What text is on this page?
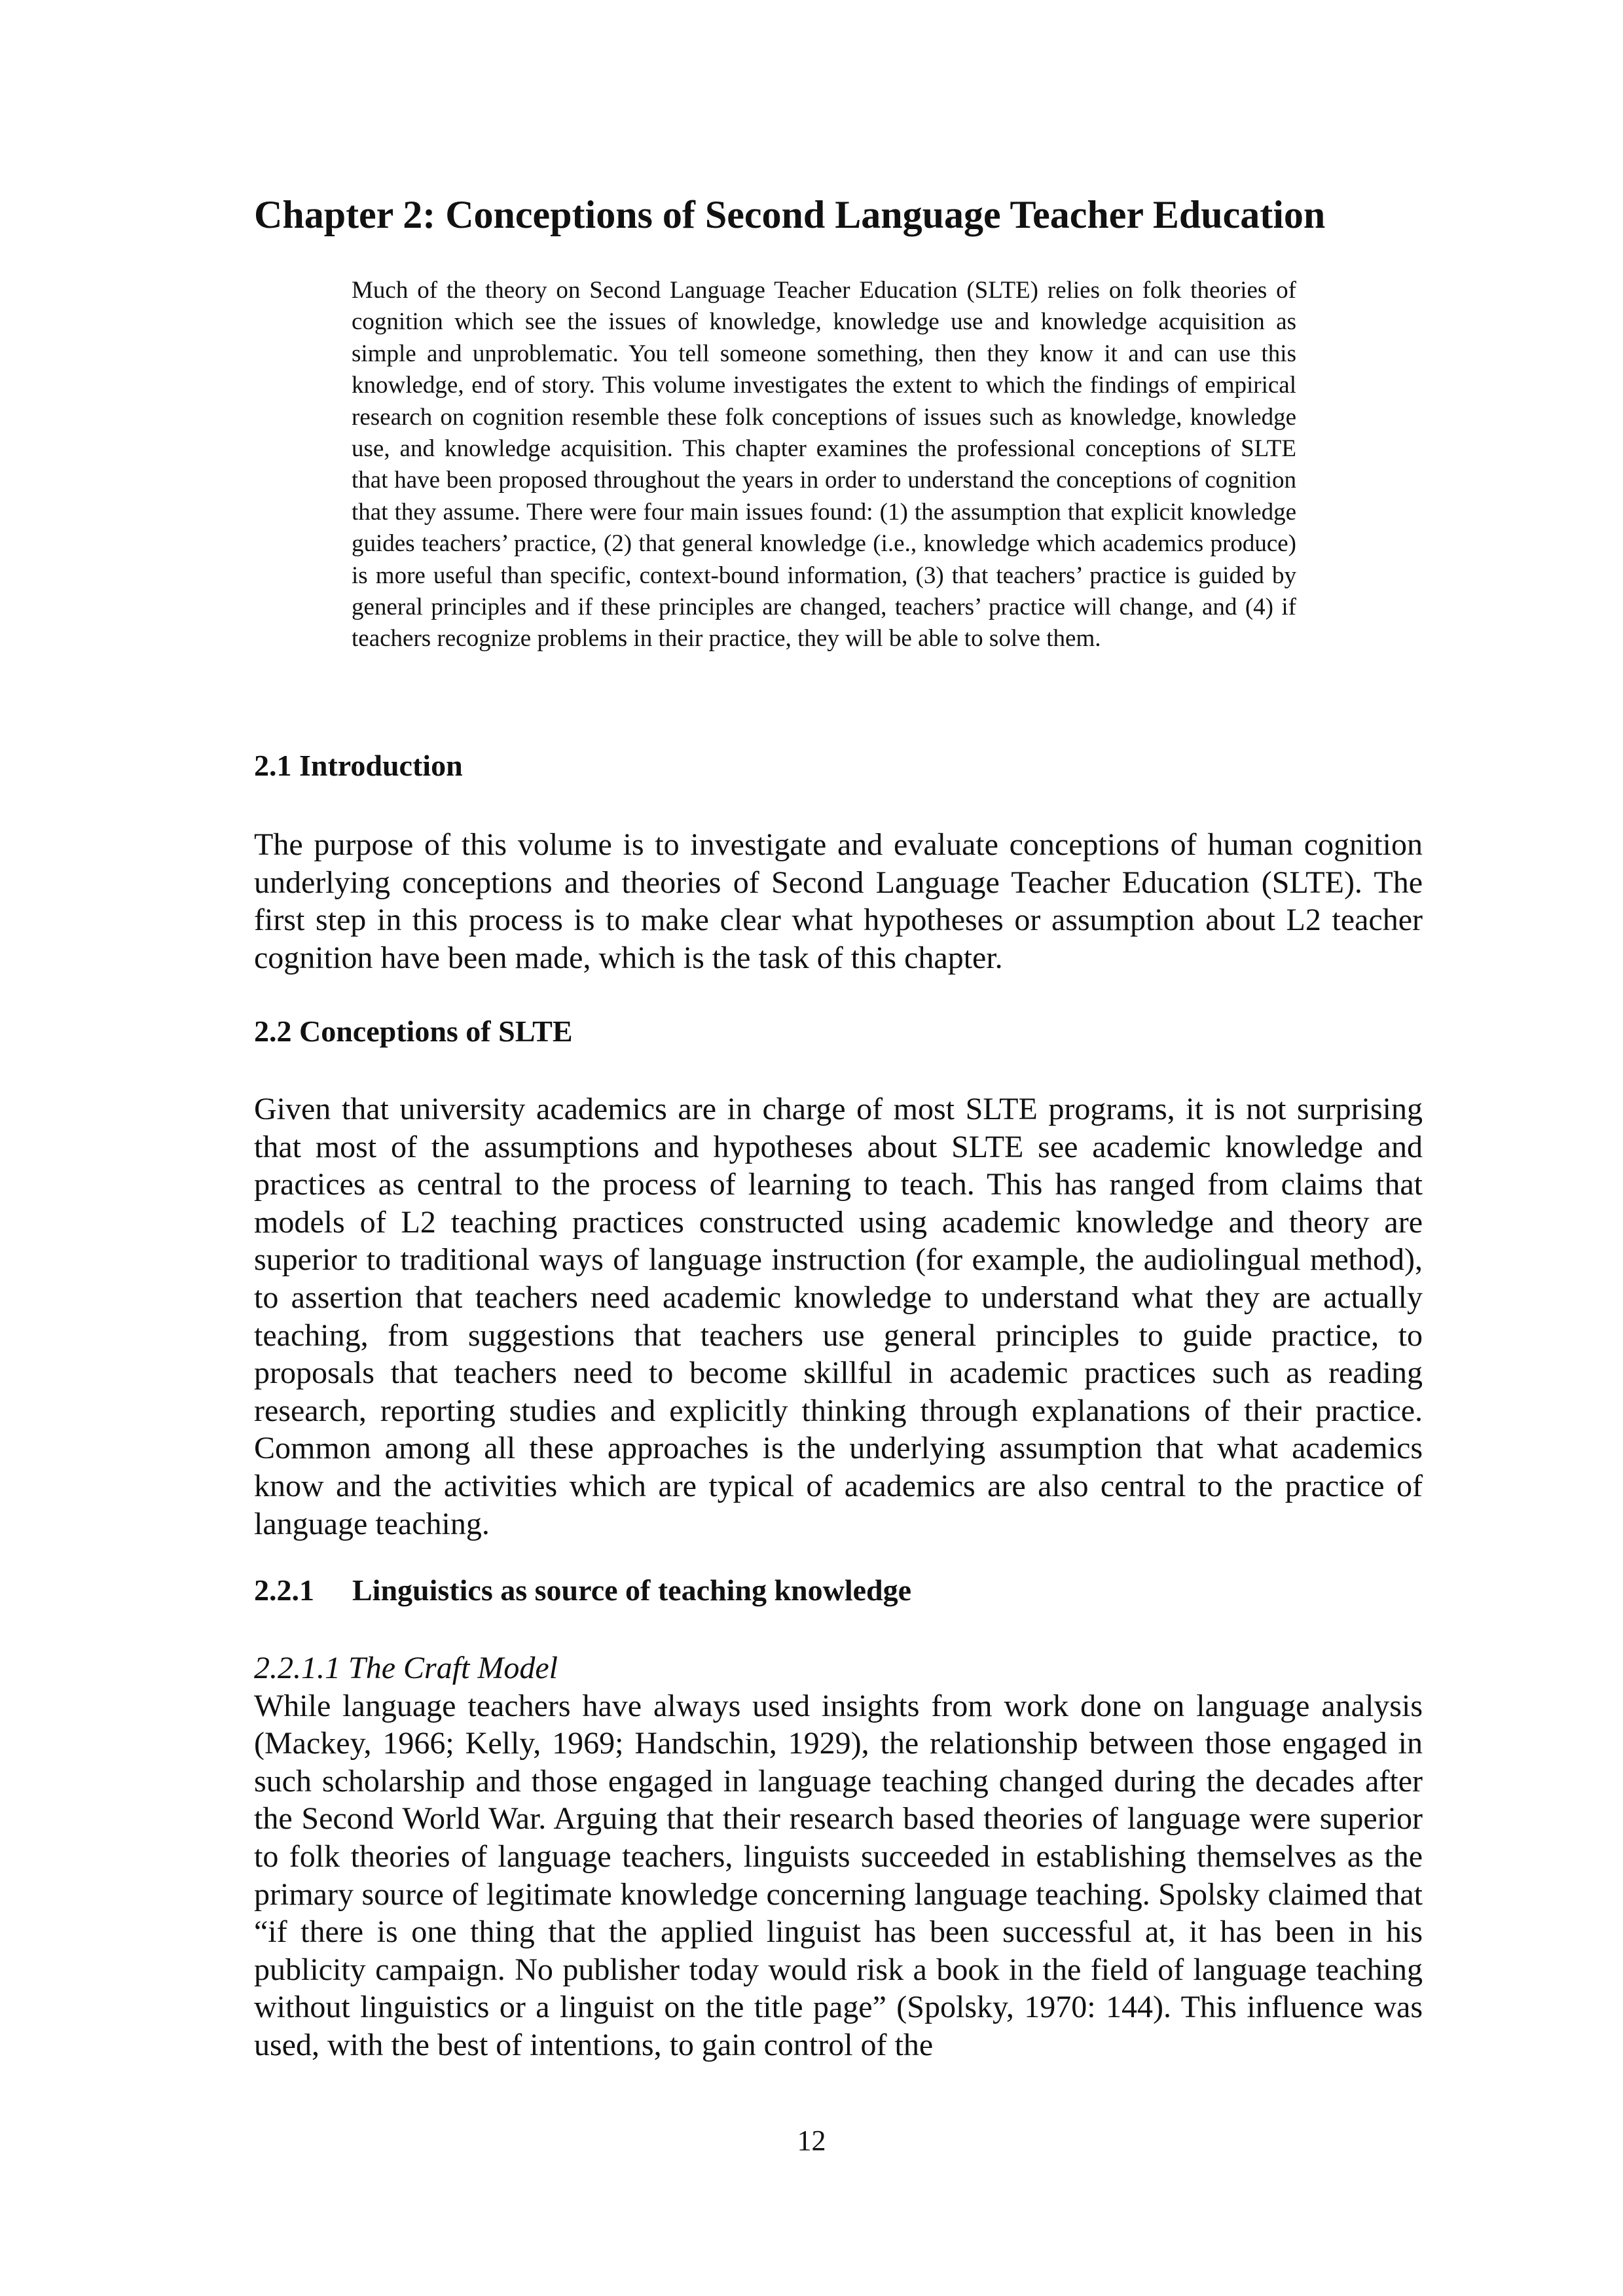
Chapter 2: Conceptions of Second Language Teacher Education

Much of the theory on Second Language Teacher Education (SLTE) relies on folk theories of cognition which see the issues of knowledge, knowledge use and knowledge acquisition as simple and unproblematic. You tell someone something, then they know it and can use this knowledge, end of story. This volume investigates the extent to which the findings of empirical research on cognition resemble these folk conceptions of issues such as knowledge, knowledge use, and knowledge acquisition. This chapter examines the professional conceptions of SLTE that have been proposed throughout the years in order to understand the conceptions of cognition that they assume. There were four main issues found: (1) the assumption that explicit knowledge guides teachers’ practice, (2) that general knowledge (i.e., knowledge which academics produce) is more useful than specific, context-bound information, (3) that teachers’ practice is guided by general principles and if these principles are changed, teachers’ practice will change, and (4) if teachers recognize problems in their practice, they will be able to solve them.

2.1 Introduction

The purpose of this volume is to investigate and evaluate conceptions of human cognition underlying conceptions and theories of Second Language Teacher Education (SLTE). The first step in this process is to make clear what hypotheses or assumption about L2 teacher cognition have been made, which is the task of this chapter.

2.2 Conceptions of SLTE

Given that university academics are in charge of most SLTE programs, it is not surprising that most of the assumptions and hypotheses about SLTE see academic knowledge and practices as central to the process of learning to teach. This has ranged from claims that models of L2 teaching practices constructed using academic knowledge and theory are superior to traditional ways of language instruction (for example, the audiolingual method), to assertion that teachers need academic knowledge to understand what they are actually teaching, from suggestions that teachers use general principles to guide practice, to proposals that teachers need to become skillful in academic practices such as reading research, reporting studies and explicitly thinking through explanations of their practice. Common among all these approaches is the underlying assumption that what academics know and the activities which are typical of academics are also central to the practice of language teaching.

2.2.1 Linguistics as source of teaching knowledge
2.2.1.1 The Craft Model
While language teachers have always used insights from work done on language analysis (Mackey, 1966; Kelly, 1969; Handschin, 1929), the relationship between those engaged in such scholarship and those engaged in language teaching changed during the decades after the Second World War. Arguing that their research based theories of language were superior to folk theories of language teachers, linguists succeeded in establishing themselves as the primary source of legitimate knowledge concerning language teaching. Spolsky claimed that “if there is one thing that the applied linguist has been successful at, it has been in his publicity campaign. No publisher today would risk a book in the field of language teaching without linguistics or a linguist on the title page” (Spolsky, 1970: 144). This influence was used, with the best of intentions, to gain control of the
12
